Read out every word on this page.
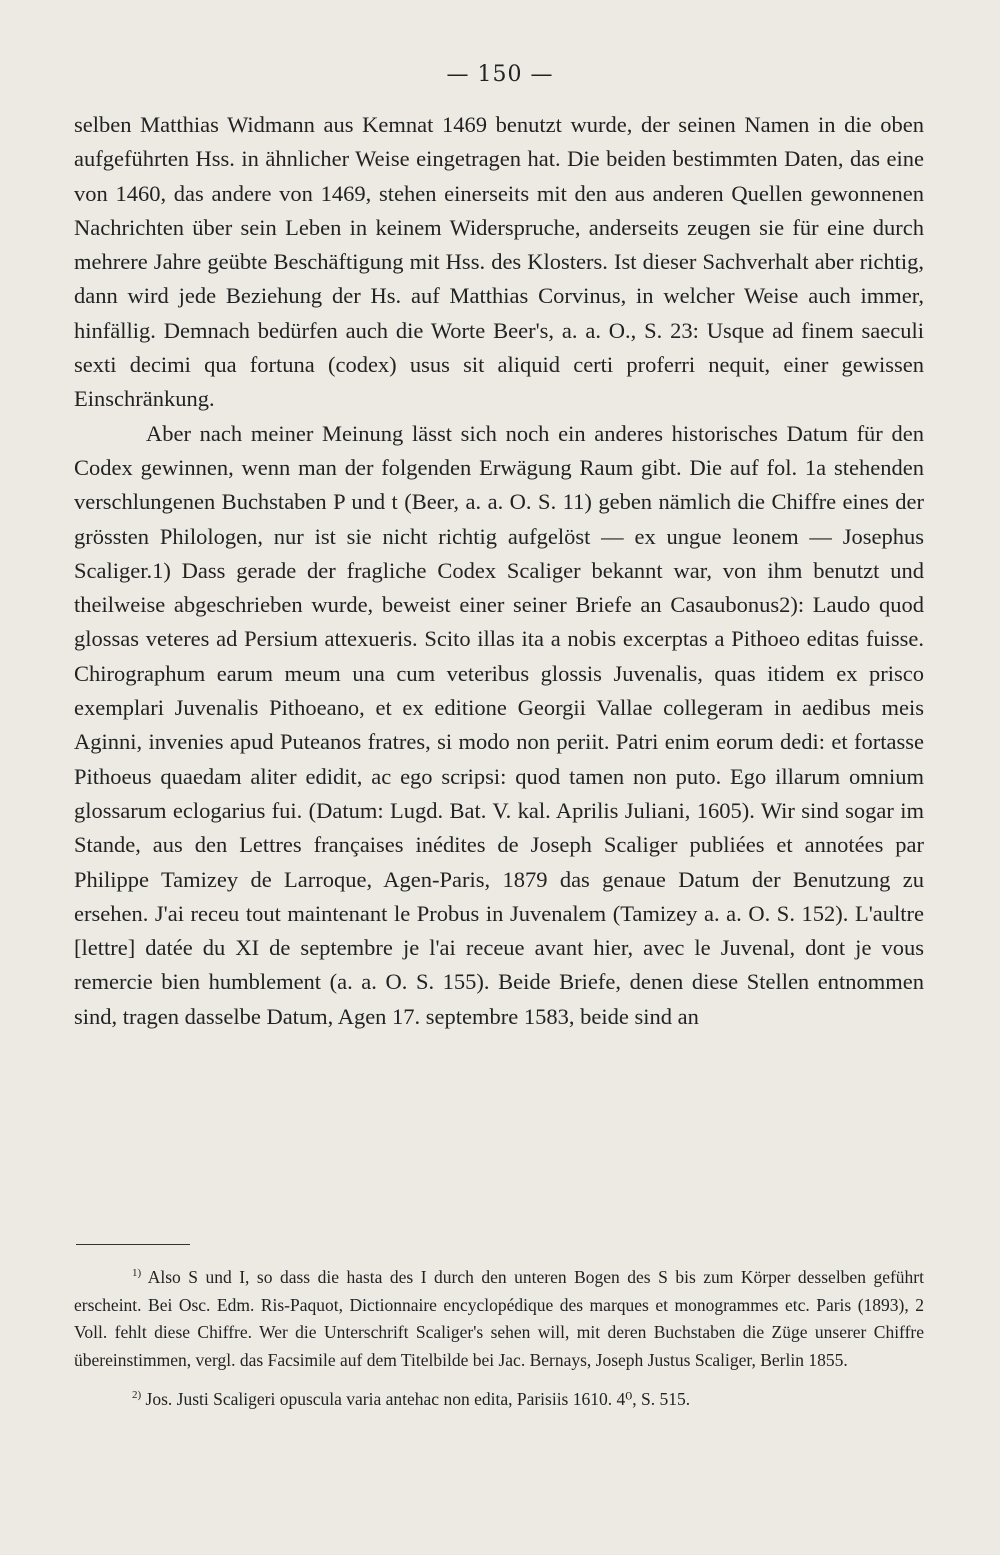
— 150 —

selben Matthias Widmann aus Kemnat 1469 benutzt wurde, der seinen Namen in die oben aufgeführten Hss. in ähnlicher Weise eingetragen hat. Die beiden bestimmten Daten, das eine von 1460, das andere von 1469, stehen einerseits mit den aus anderen Quellen gewonnenen Nachrichten über sein Leben in keinem Widerspruche, anderseits zeugen sie für eine durch mehrere Jahre geübte Beschäftigung mit Hss. des Klosters. Ist dieser Sachverhalt aber richtig, dann wird jede Beziehung der Hs. auf Matthias Corvinus, in welcher Weise auch immer, hinfällig. Demnach bedürfen auch die Worte Beer's, a. a. O., S. 23: Usque ad finem saeculi sexti decimi qua fortuna (codex) usus sit aliquid certi proferri nequit, einer gewissen Einschränkung.

Aber nach meiner Meinung lässt sich noch ein anderes historisches Datum für den Codex gewinnen, wenn man der folgenden Erwägung Raum gibt. Die auf fol. 1a stehenden verschlungenen Buchstaben P und t (Beer, a. a. O. S. 11) geben nämlich die Chiffre eines der grössten Philologen, nur ist sie nicht richtig aufgelöst — ex ungue leonem — Josephus Scaliger.1) Dass gerade der fragliche Codex Scaliger bekannt war, von ihm benutzt und theilweise abgeschrieben wurde, beweist einer seiner Briefe an Casaubonus2): Laudo quod glossas veteres ad Persium attexueris. Scito illas ita a nobis excerptas a Pithoeo editas fuisse. Chirographum earum meum una cum veteribus glossis Juvenalis, quas itidem ex prisco exemplari Juvenalis Pithoeano, et ex editione Georgii Vallae collegeram in aedibus meis Aginni, invenies apud Puteanos fratres, si modo non periit. Patri enim eorum dedi: et fortasse Pithoeus quaedam aliter edidit, ac ego scripsi: quod tamen non puto. Ego illarum omnium glossarum eclogarius fui. (Datum: Lugd. Bat. V. kal. Aprilis Juliani, 1605). Wir sind sogar im Stande, aus den Lettres françaises inédites de Joseph Scaliger publiées et annotées par Philippe Tamizey de Larroque, Agen-Paris, 1879 das genaue Datum der Benutzung zu ersehen. J'ai receu tout maintenant le Probus in Juvenalem (Tamizey a. a. O. S. 152). L'aultre [lettre] datée du XI de septembre je l'ai receue avant hier, avec le Juvenal, dont je vous remercie bien humblement (a. a. O. S. 155). Beide Briefe, denen diese Stellen entnommen sind, tragen dasselbe Datum, Agen 17. septembre 1583, beide sind an

$^{1)}$ Also S und I, so dass die hasta des I durch den unteren Bogen des S bis zum Körper desselben geführt erscheint. Bei Osc. Edm. Ris-Paquot, Dictionnaire encyclopédique des marques et monogrammes etc. Paris (1893), 2 Voll. fehlt diese Chiffre. Wer die Unterschrift Scaliger's sehen will, mit deren Buchstaben die Züge unserer Chiffre übereinstimmen, vergl. das Facsimile auf dem Titelbilde bei Jac. Bernays, Joseph Justus Scaliger, Berlin 1855.

$^{2)}$ Jos. Justi Scaligeri opuscula varia antehac non edita, Parisiis 1610. 4⁰, S. 515.
